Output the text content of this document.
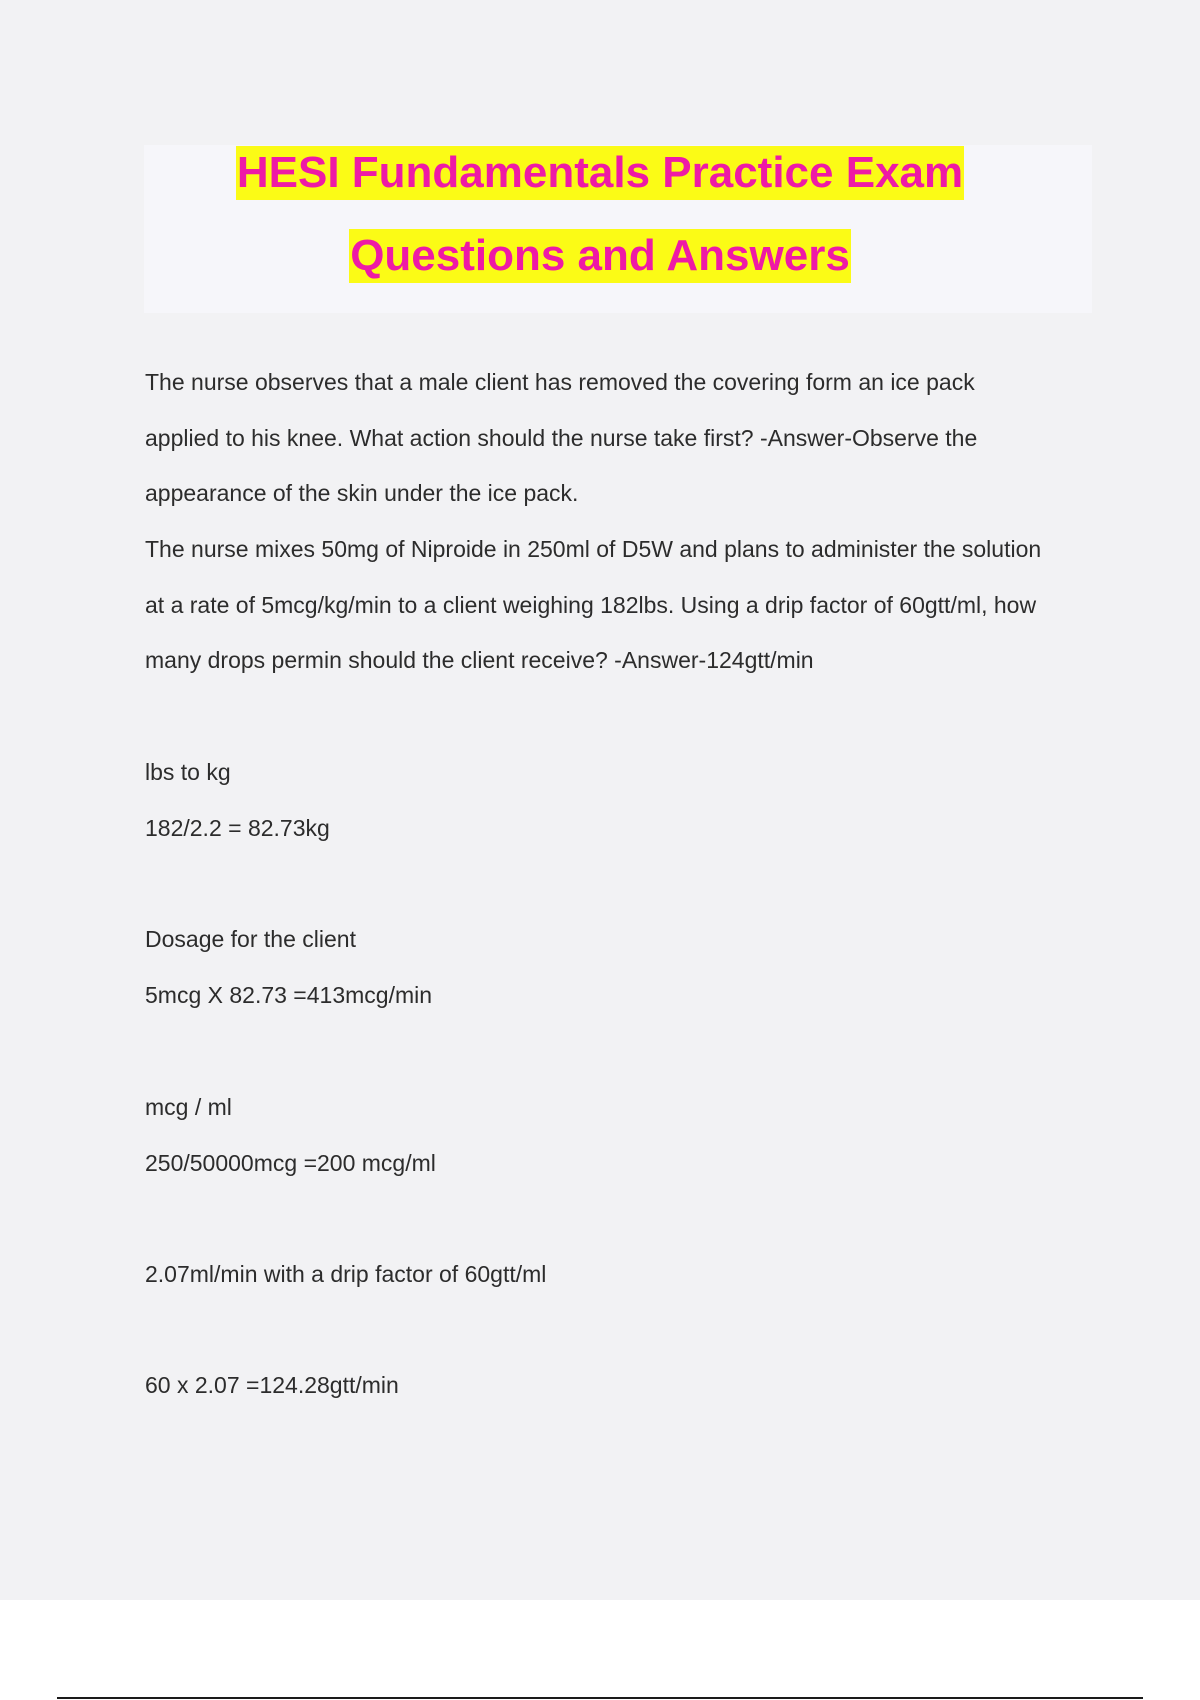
HESI Fundamentals Practice Exam
Questions and Answers
The nurse observes that a male client has removed the covering form an ice pack
applied to his knee. What action should the nurse take first? -Answer-Observe the
appearance of the skin under the ice pack.
The nurse mixes 50mg of Niproide in 250ml of D5W and plans to administer the solution
at a rate of 5mcg/kg/min to a client weighing 182lbs. Using a drip factor of 60gtt/ml, how
many drops permin should the client receive? -Answer-124gtt/min
lbs to kg
182/2.2 = 82.73kg
Dosage for the client
5mcg X 82.73 =413mcg/min
mcg / ml
250/50000mcg =200 mcg/ml
2.07ml/min with a drip factor of 60gtt/ml
60 x 2.07 =124.28gtt/min
